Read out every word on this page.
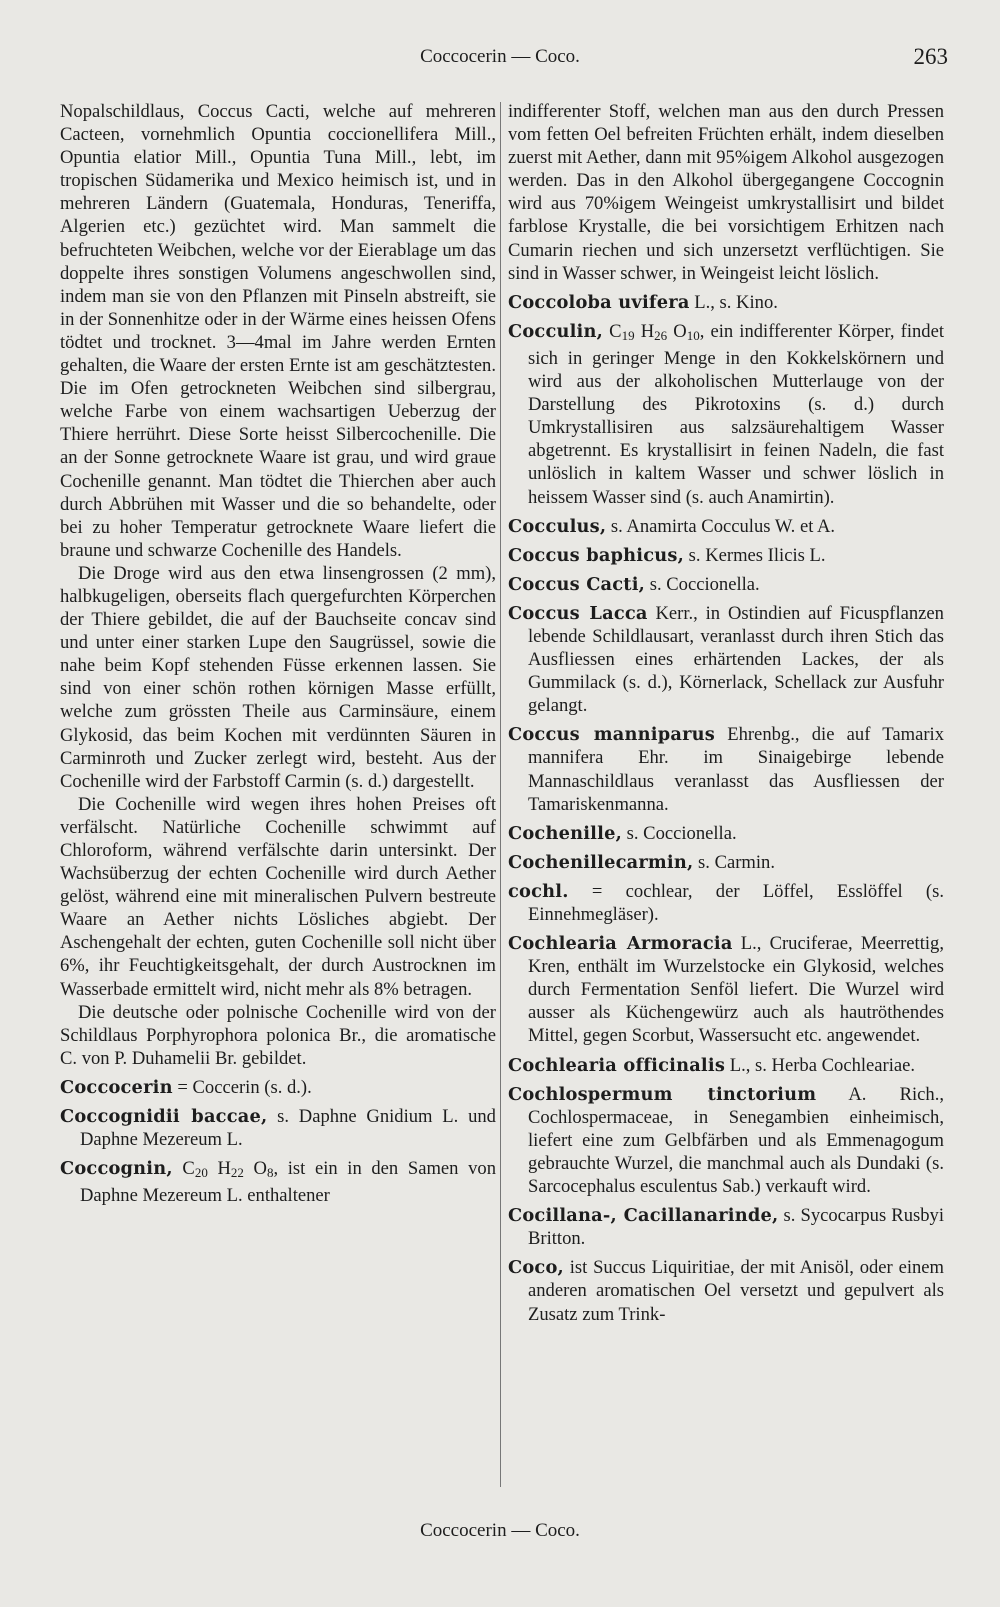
Coccocerin — Coco.	263

Nopalschildlaus, Coccus Cacti, welche auf mehreren Cacteen, vornehmlich Opuntia coccionellifera Mill., Opuntia elatior Mill., Opuntia Tuna Mill., lebt, im tropischen Südamerika und Mexico heimisch ist, und in mehreren Ländern (Guatemala, Honduras, Teneriffa, Algerien etc.) gezüchtet wird. Man sammelt die befruchteten Weibchen, welche vor der Eierablage um das doppelte ihres sonstigen Volumens angeschwollen sind, indem man sie von den Pflanzen mit Pinseln abstreift, sie in der Sonnenhitze oder in der Wärme eines heissen Ofens tödtet und trocknet. 3—4mal im Jahre werden Ernten gehalten, die Waare der ersten Ernte ist am geschätztesten. Die im Ofen getrockneten Weibchen sind silbergrau, welche Farbe von einem wachsartigen Ueberzug der Thiere herrührt. Diese Sorte heisst Silbercochenille. Die an der Sonne getrocknete Waare ist grau, und wird graue Cochenille genannt. Man tödtet die Thierchen aber auch durch Abbrühen mit Wasser und die so behandelte, oder bei zu hoher Temperatur getrocknete Waare liefert die braune und schwarze Cochenille des Handels.

Die Droge wird aus den etwa linsengrossen (2 mm), halbkugeligen, oberseits flach quergefurchten Körperchen der Thiere gebildet, die auf der Bauchseite concav sind und unter einer starken Lupe den Saugrüssel, sowie die nahe beim Kopf stehenden Füsse erkennen lassen. Sie sind von einer schön rothen körnigen Masse erfüllt, welche zum grössten Theile aus Carminsäure, einem Glykosid, das beim Kochen mit verdünnten Säuren in Carminroth und Zucker zerlegt wird, besteht. Aus der Cochenille wird der Farbstoff Carmin (s. d.) dargestellt.

Die Cochenille wird wegen ihres hohen Preises oft verfälscht. Natürliche Cochenille schwimmt auf Chloroform, während verfälschte darin untersinkt. Der Wachsüberzug der echten Cochenille wird durch Aether gelöst, während eine mit mineralischen Pulvern bestreute Waare an Aether nichts Lösliches abgiebt. Der Aschengehalt der echten, guten Cochenille soll nicht über 6%, ihr Feuchtigkeitsgehalt, der durch Austrocknen im Wasserbade ermittelt wird, nicht mehr als 8% betragen.

Die deutsche oder polnische Cochenille wird von der Schildlaus Porphyrophora polonica Br., die aromatische C. von P. Duhamelii Br. gebildet.

Coccocerin = Coccerin (s. d.).

Coccognidii baccae, s. Daphne Gnidium L. und Daphne Mezereum L.

Coccognin, $C_{20}$ $H_{22}$ $O_8$, ist ein in den Samen von Daphne Mezereum L. enthaltener

indifferenter Stoff, welchen man aus den durch Pressen vom fetten Oel befreiten Früchten erhält, indem dieselben zuerst mit Aether, dann mit 95%igem Alkohol ausgezogen werden. Das in den Alkohol übergegangene Coccognin wird aus 70%igem Weingeist umkrystallisirt und bildet farblose Krystalle, die bei vorsichtigem Erhitzen nach Cumarin riechen und sich unzersetzt verflüchtigen. Sie sind in Wasser schwer, in Weingeist leicht löslich.

Coccoloba uvifera L., s. Kino.

Cocculin, $C_{19}$ $H_{26}$ $O_{10}$, ein indifferenter Körper, findet sich in geringer Menge in den Kokkelskörnern und wird aus der alkoholischen Mutterlauge von der Darstellung des Pikrotoxins (s. d.) durch Umkrystallisiren aus salzsäurehaltigem Wasser abgetrennt. Es krystallisirt in feinen Nadeln, die fast unlöslich in kaltem Wasser und schwer löslich in heissem Wasser sind (s. auch Anamirtin).

Cocculus, s. Anamirta Cocculus W. et A.

Coccus baphicus, s. Kermes Ilicis L.

Coccus Cacti, s. Coccionella.

Coccus Lacca Kerr., in Ostindien auf Ficuspflanzen lebende Schildlausart, veranlasst durch ihren Stich das Ausfliessen eines erhärtenden Lackes, der als Gummilack (s. d.), Körnerlack, Schellack zur Ausfuhr gelangt.

Coccus manniparus Ehrenbg., die auf Tamarix mannifera Ehr. im Sinaigebirge lebende Mannaschildlaus veranlasst das Ausfliessen der Tamariskenmanna.

Cochenille, s. Coccionella.

Cochenillecarmin, s. Carmin.

cochl. = cochlear, der Löffel, Esslöffel (s. Einnehmegläser).

Cochlearia Armoracia L., Cruciferae, Meerrettig, Kren, enthält im Wurzelstocke ein Glykosid, welches durch Fermentation Senföl liefert. Die Wurzel wird ausser als Küchengewürz auch als hautröthendes Mittel, gegen Scorbut, Wassersucht etc. angewendet.

Cochlearia officinalis L., s. Herba Cochleariae.

Cochlospermum tinctorium A. Rich., Cochlospermaceae, in Senegambien einheimisch, liefert eine zum Gelbfärben und als Emmenagogum gebrauchte Wurzel, die manchmal auch als Dundaki (s. Sarcocephalus esculentus Sab.) verkauft wird.

Cocillana-, Cacillanarinde, s. Sycocarpus Rusbyi Britton.

Coco, ist Succus Liquiritiae, der mit Anisöl, oder einem anderen aromatischen Oel versetzt und gepulvert als Zusatz zum Trink-

Coccocerin — Coco.
